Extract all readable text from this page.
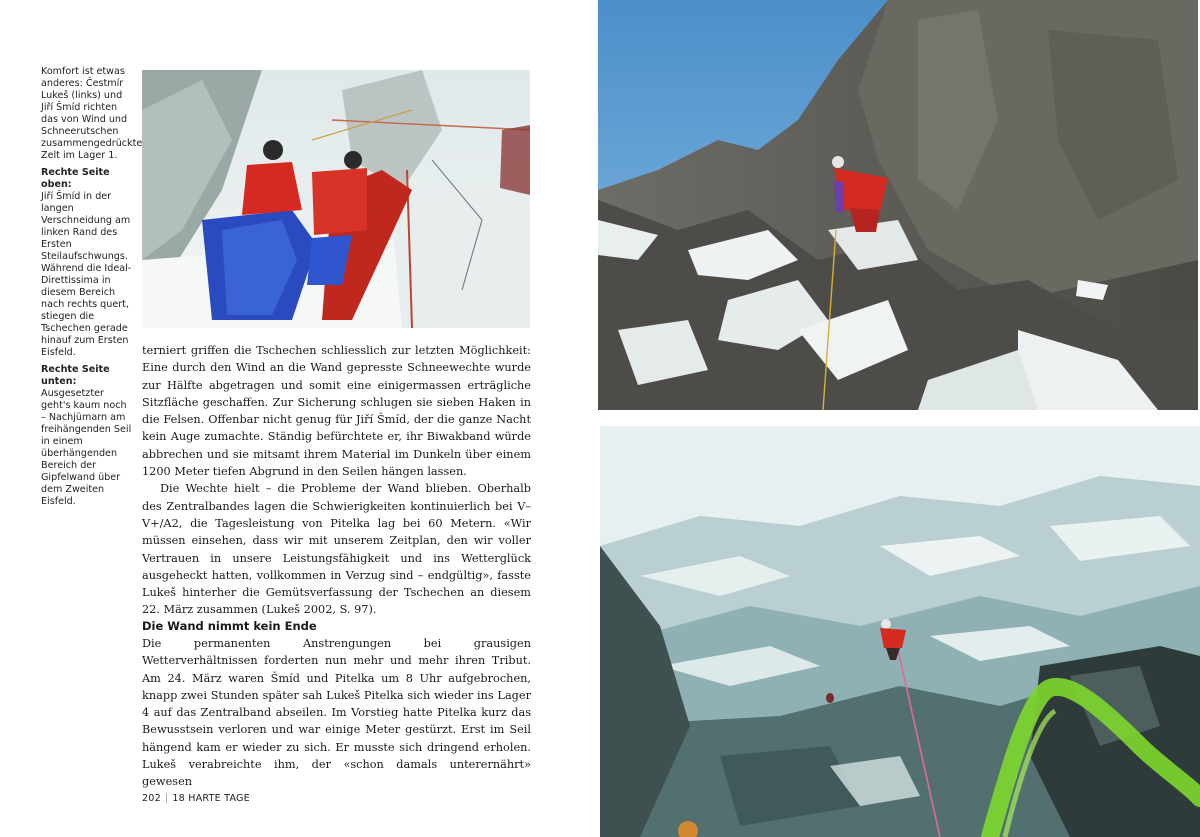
Komfort ist etwas anderes: Čestmír Lukeš (links) und Jiří Šmíd richten das von Wind und Schneerutschen zusammengedrückte Zelt im Lager 1.
Rechte Seite oben:
Jiří Šmíd in der langen Verschneidung am linken Rand des Ersten Steilaufschwungs. Während die Ideal-Direttissima in diesem Bereich nach rechts quert, stiegen die Tschechen gerade hinauf zum Ersten Eisfeld.
Rechte Seite unten:
Ausgesetzter geht's kaum noch – Nachjümarn am freihängenden Seil in einem überhängenden Bereich der Gipfelwand über dem Zweiten Eisfeld.

terniert griffen die Tschechen schliesslich zur letzten Möglichkeit: Eine durch den Wind an die Wand gepresste Schneewechte wurde zur Hälfte abgetragen und somit eine einigermassen erträgliche Sitzfläche geschaffen. Zur Sicherung schlugen sie sieben Haken in die Felsen. Offenbar nicht genug für Jiří Šmíd, der die ganze Nacht kein Auge zumachte. Ständig befürchtete er, ihr Biwakband würde abbrechen und sie mitsamt ihrem Material im Dunkeln über einem 1200 Meter tiefen Abgrund in den Seilen hängen lassen.

Die Wechte hielt – die Probleme der Wand blieben. Oberhalb des Zentralbandes lagen die Schwierigkeiten kontinuierlich bei V–V+/A2, die Tagesleistung von Pitelka lag bei 60 Metern. «Wir müssen einsehen, dass wir mit unserem Zeitplan, den wir voller Vertrauen in unsere Leistungsfähigkeit und ins Wetterglück ausgeheckt hatten, vollkommen in Verzug sind – endgültig», fasste Lukeš hinterher die Gemütsverfassung der Tschechen an diesem 22. März zusammen (Lukeš 2002, S. 97).

Die Wand nimmt kein Ende

Die permanenten Anstrengungen bei grausigen Wetterverhältnissen forderten nun mehr und mehr ihren Tribut. Am 24. März waren Šmíd und Pitelka um 8 Uhr aufgebrochen, knapp zwei Stunden später sah Lukeš Pitelka sich wieder ins Lager 4 auf das Zentralband abseilen. Im Vorstieg hatte Pitelka kurz das Bewusstsein verloren und war einige Meter gestürzt. Erst im Seil hängend kam er wieder zu sich. Er musste sich dringend erholen. Lukeš verabreichte ihm, der «schon damals unterernährt» gewesen

202 | 18 HARTE TAGE
